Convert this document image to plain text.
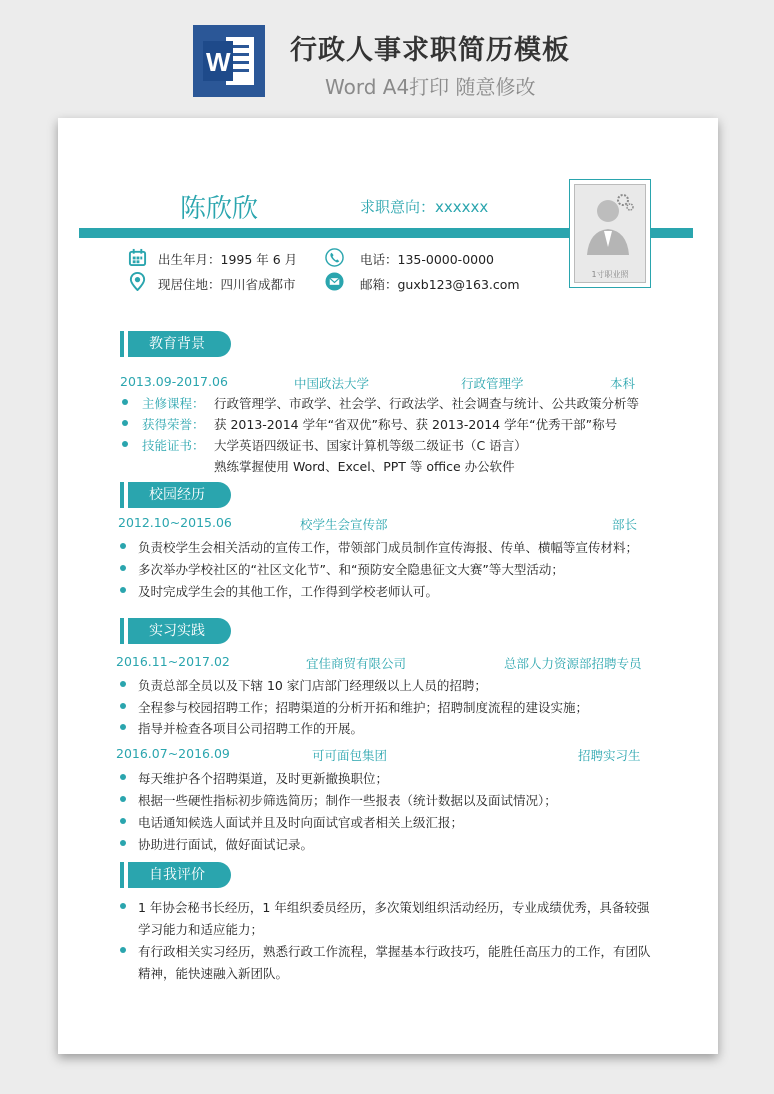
W 行政人事求职简历模板
Word A4打印 随意修改
​
陈欣欣	求职意向：xxxxxx
1寸职业照
出生年月：1995 年 6 月	电话：135-0000-0000
现居住地：四川省成都市	邮箱：guxb123@163.com
教育背景
2013.09-2017.06	中国政法大学	行政管理学	本科
主修课程： 行政管理学、市政学、社会学、行政法学、社会调查与统计、公共政策分析等
获得荣誉： 获 2013-2014 学年“省双优”称号、获 2013-2014 学年“优秀干部”称号
技能证书： 大学英语四级证书、国家计算机等级二级证书（C 语言）
熟练掌握使用 Word、Excel、PPT 等 office 办公软件
校园经历
2012.10~2015.06	校学生会宣传部	部长
负责校学生会相关活动的宣传工作，带领部门成员制作宣传海报、传单、横幅等宣传材料；
多次举办学校社区的“社区文化节”、和“预防安全隐患征文大赛”等大型活动；
及时完成学生会的其他工作，工作得到学校老师认可。
实习实践
2016.11~2017.02	宜佳商贸有限公司	总部人力资源部招聘专员
负责总部全员以及下辖 10 家门店部门经理级以上人员的招聘；
全程参与校园招聘工作；招聘渠道的分析开拓和维护；招聘制度流程的建设实施；
指导并检查各项目公司招聘工作的开展。
2016.07~2016.09	可可面包集团	招聘实习生
每天维护各个招聘渠道，及时更新撤换职位；
根据一些硬性指标初步筛选简历；制作一些报表（统计数据以及面试情况）；
电话通知候选人面试并且及时向面试官或者相关上级汇报；
协助进行面试，做好面试记录。
自我评价
1 年协会秘书长经历，1 年组织委员经历，多次策划组织活动经历，专业成绩优秀，具备较强
学习能力和适应能力；
有行政相关实习经历，熟悉行政工作流程，掌握基本行政技巧，能胜任高压力的工作，有团队
精神，能快速融入新团队。
